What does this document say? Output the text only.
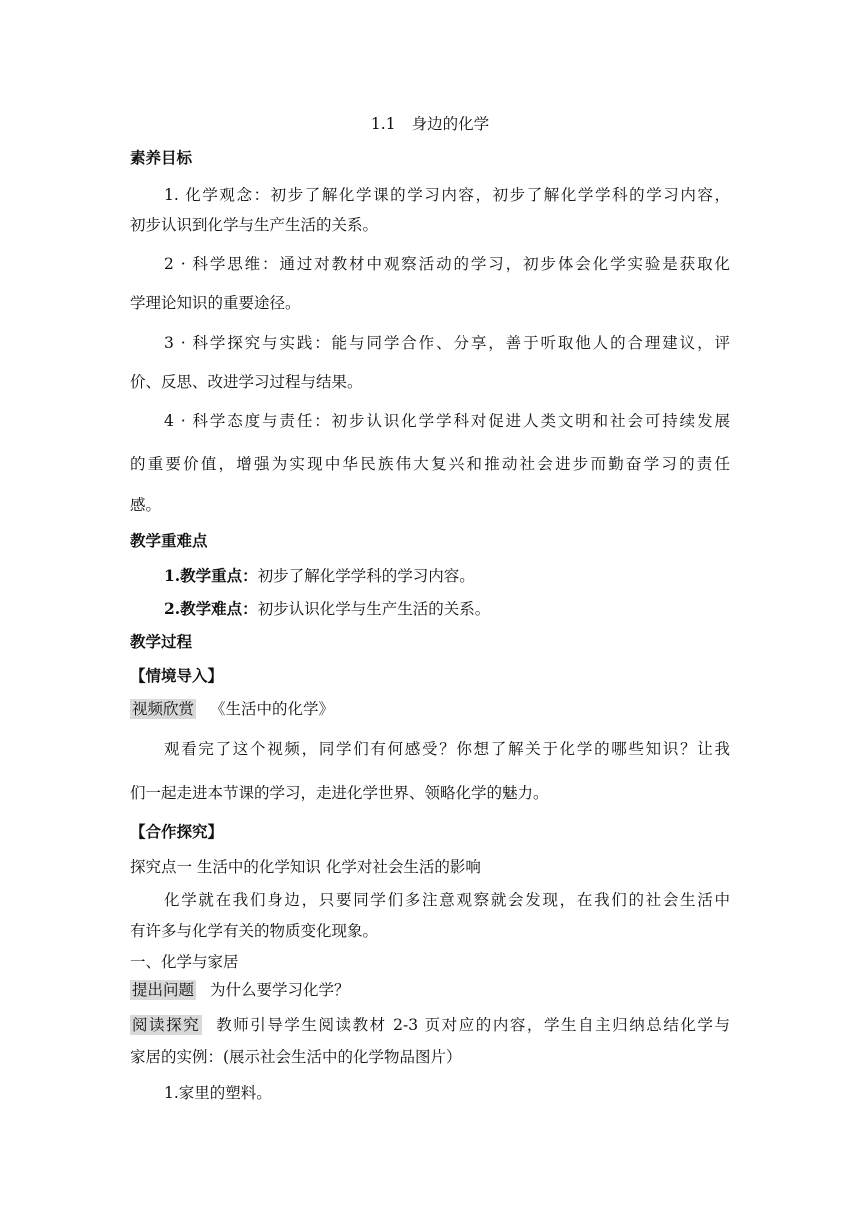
1.1 身边的化学
素养目标
1. 化学观念：初步了解化学课的学习内容，初步了解化学学科的学习内容，
初步认识到化学与生产生活的关系。
2 · 科学思维：通过对教材中观察活动的学习，初步体会化学实验是获取化
学理论知识的重要途径。
3 · 科学探究与实践：能与同学合作、分享，善于听取他人的合理建议，评
价、反思、改进学习过程与结果。
4 · 科学态度与责任：初步认识化学学科对促进人类文明和社会可持续发展
的重要价值，增强为实现中华民族伟大复兴和推动社会进步而勤奋学习的责任
感。
教学重难点
1.教学重点：初步了解化学学科的学习内容。
2.教学难点：初步认识化学与生产生活的关系。
教学过程
【情境导入】
视频欣赏 《生活中的化学》
观看完了这个视频，同学们有何感受？你想了解关于化学的哪些知识？让我
们一起走进本节课的学习，走进化学世界、领略化学的魅力。
【合作探究】
探究点一 生活中的化学知识 化学对社会生活的影响
化学就在我们身边，只要同学们多注意观察就会发现，在我们的社会生活中
有许多与化学有关的物质变化现象。
一、化学与家居
提出问题 为什么要学习化学？
阅读探究 教师引导学生阅读教材 2-3 页对应的内容，学生自主归纳总结化学与
家居的实例：(展示社会生活中的化学物品图片）
1.家里的塑料。
